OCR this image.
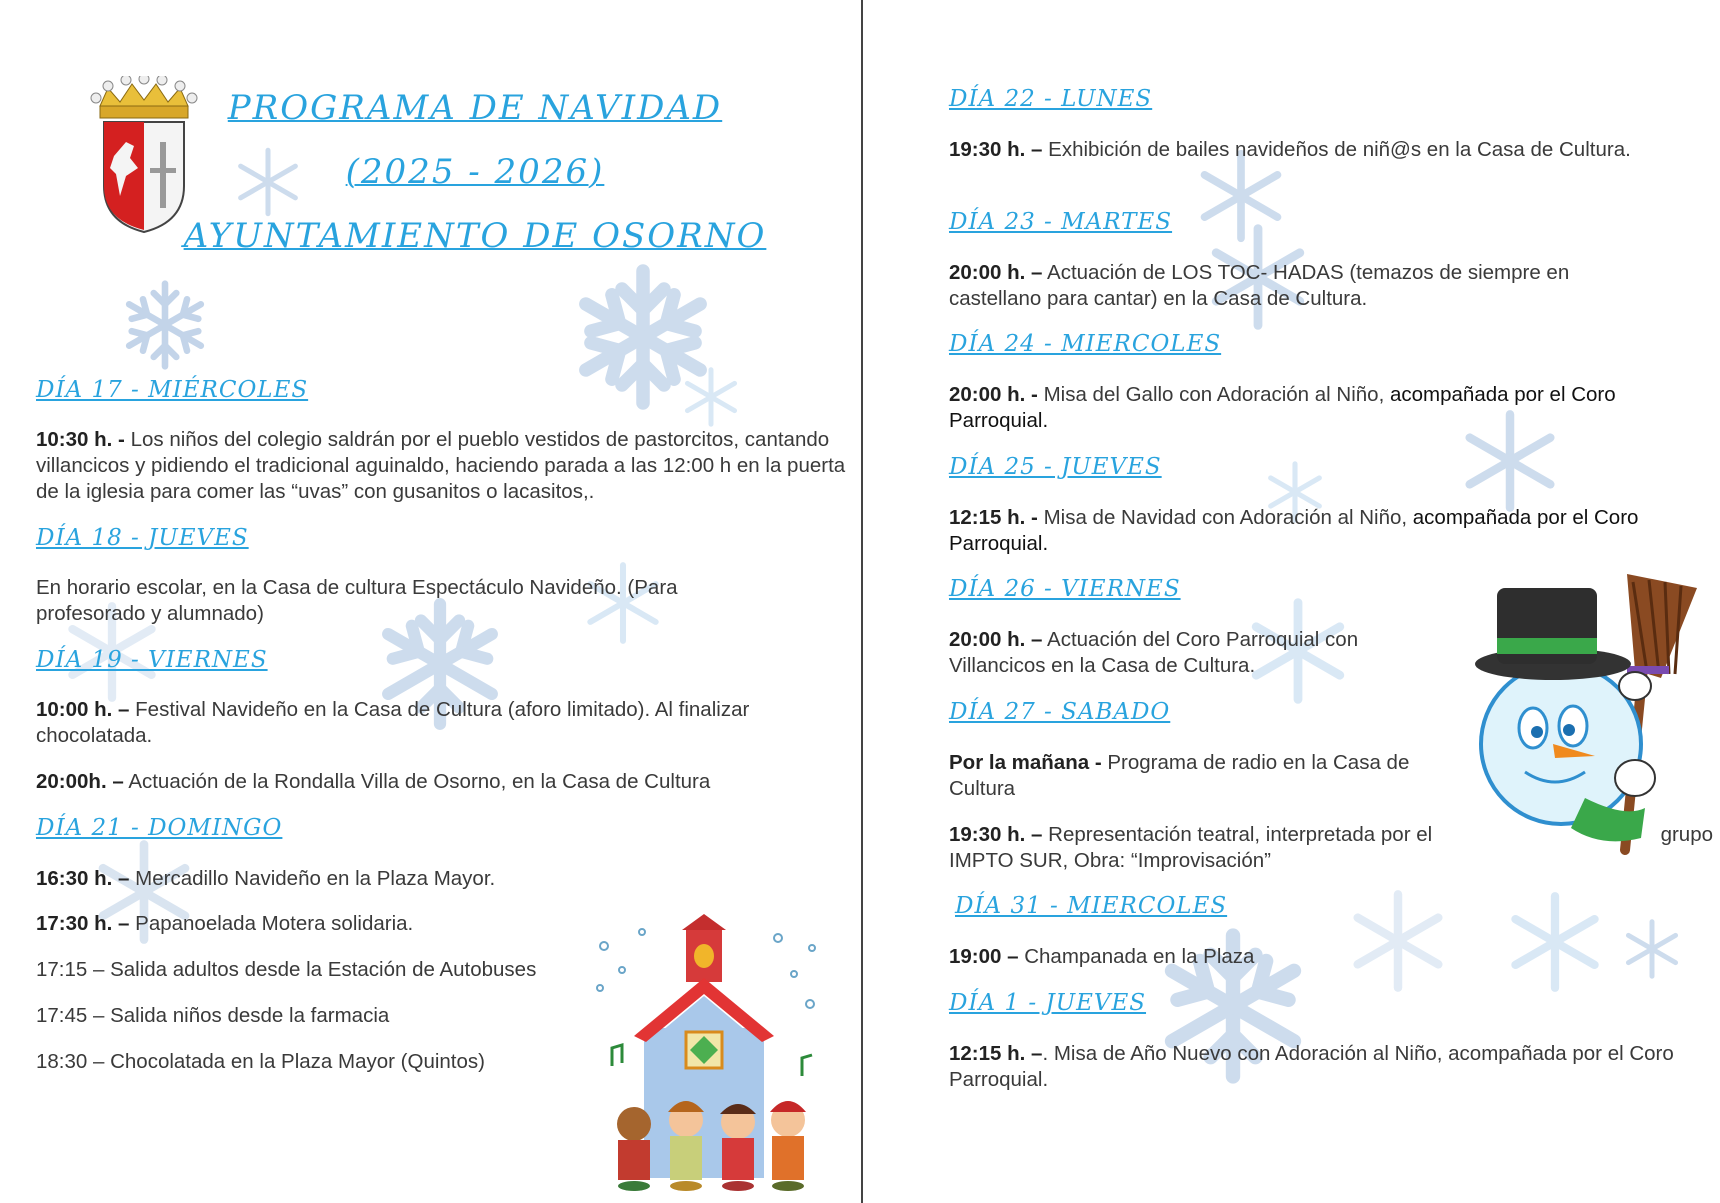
PROGRAMA DE NAVIDAD
(2025 - 2026)
AYUNTAMIENTO DE OSORNO
DÍA 17 - MIÉRCOLES
10:30 h. - Los niños del colegio saldrán por el pueblo vestidos de pastorcitos, cantando villancicos y pidiendo el tradicional aguinaldo, haciendo parada a las 12:00 h en la puerta de la iglesia para comer las “uvas” con gusanitos o lacasitos,.
DÍA 18 - JUEVES
En horario escolar, en la Casa de cultura Espectáculo Navideño. (Para profesorado y alumnado)
DÍA 19 - VIERNES
10:00 h. – Festival Navideño en la Casa de Cultura (aforo limitado). Al finalizar chocolatada.
20:00h. – Actuación de la Rondalla Villa de Osorno, en la Casa de Cultura
DÍA 21 - DOMINGO
16:30 h. – Mercadillo Navideño en la Plaza Mayor.
17:30 h. – Papanoelada Motera solidaria.
17:15 – Salida adultos desde la Estación de Autobuses
17:45 – Salida niños desde la farmacia
18:30 – Chocolatada en la Plaza Mayor (Quintos)
DÍA 22 - LUNES
19:30 h. – Exhibición de bailes navideños de niñ@s en la Casa de Cultura.
DÍA 23 - MARTES
20:00 h. – Actuación de LOS TOC- HADAS (temazos de siempre en castellano para cantar) en la Casa de Cultura.
DÍA 24 - MIERCOLES
20:00 h. - Misa del Gallo con Adoración al Niño, acompañada por el Coro Parroquial.
DÍA 25 - JUEVES
12:15 h. - Misa de Navidad con Adoración al Niño, acompañada por el Coro Parroquial.
DÍA 26 - VIERNES
20:00 h. – Actuación del Coro Parroquial con Villancicos en la Casa de Cultura.
DÍA 27 - SABADO
Por la mañana - Programa de radio en la Casa de Cultura
19:30 h. – Representación teatral, interpretada por el	grupo
IMPTO SUR, Obra: “Improvisación”
DÍA 31 - MIERCOLES
19:00 – Champanada en la Plaza
DÍA 1 - JUEVES
12:15 h. –. Misa de Año Nuevo con Adoración al Niño, acompañada por el Coro Parroquial.
